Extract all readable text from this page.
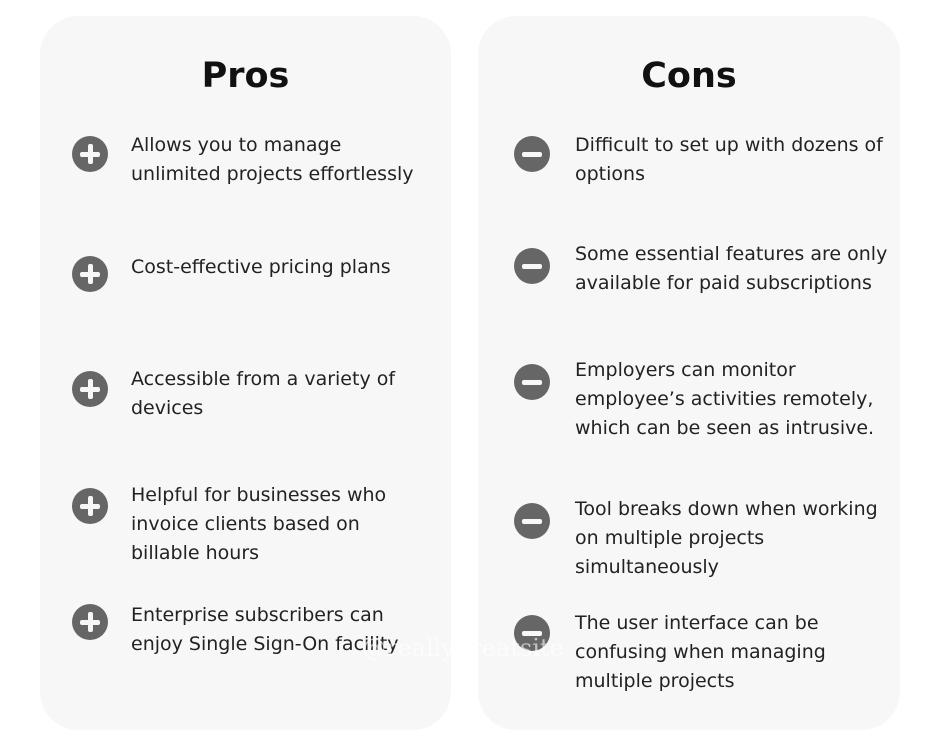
Pros

Allows you to manage unlimited projects effortlessly

Cost-effective pricing plans

Accessible from a variety of devices

Helpful for businesses who invoice clients based on billable hours

Enterprise subscribers can enjoy Single Sign-On facility

Cons

Difficult to set up with dozens of options

Some essential features are only available for paid subscriptions

Employers can monitor employee’s activities remotely, which can be seen as intrusive.

Tool breaks down when working on multiple projects simultaneously

The user interface can be confusing when managing multiple projects

@reallygreatsite
